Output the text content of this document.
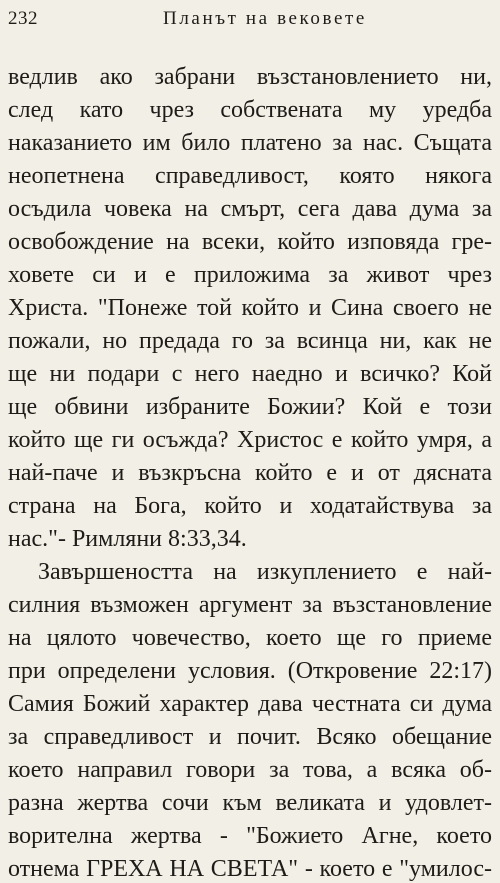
232	Планът на вековете
ведлив ако забрани възстановлението ни,
след като чрез собствената му уредба
наказанието им било платено за нас. Същата
неопетнена справедливост, която някога
осъдила човека на смърт, сега дава дума за
освобождение на всеки, който изповяда гре-
ховете си и е приложима за живот чрез
Христа. "Понеже той който и Сина своего не
пожали, но предада го за всинца ни, как не
ще ни подари с него наедно и всичко? Кой
ще обвини избраните Божии? Кой е този
който ще ги осъжда? Христос е който умря, а
най-паче и възкръсна който е и от дясната
страна на Бога, който и ходатайствува за
нас."- Римляни 8:33,34.
Завършеността на изкуплението е най-
силния възможен аргумент за възстановление
на цялото човечество, което ще го приеме
при определени условия. (Откровение 22:17)
Самия Божий характер дава честната си дума
за справедливост и почит. Всяко обещание
което направил говори за това, а всяка об-
разна жертва сочи към великата и удовлет-
ворителна жертва - "Божието Агне, което
отнема ГРЕХА НА СВЕТА" - което е "умилос-
